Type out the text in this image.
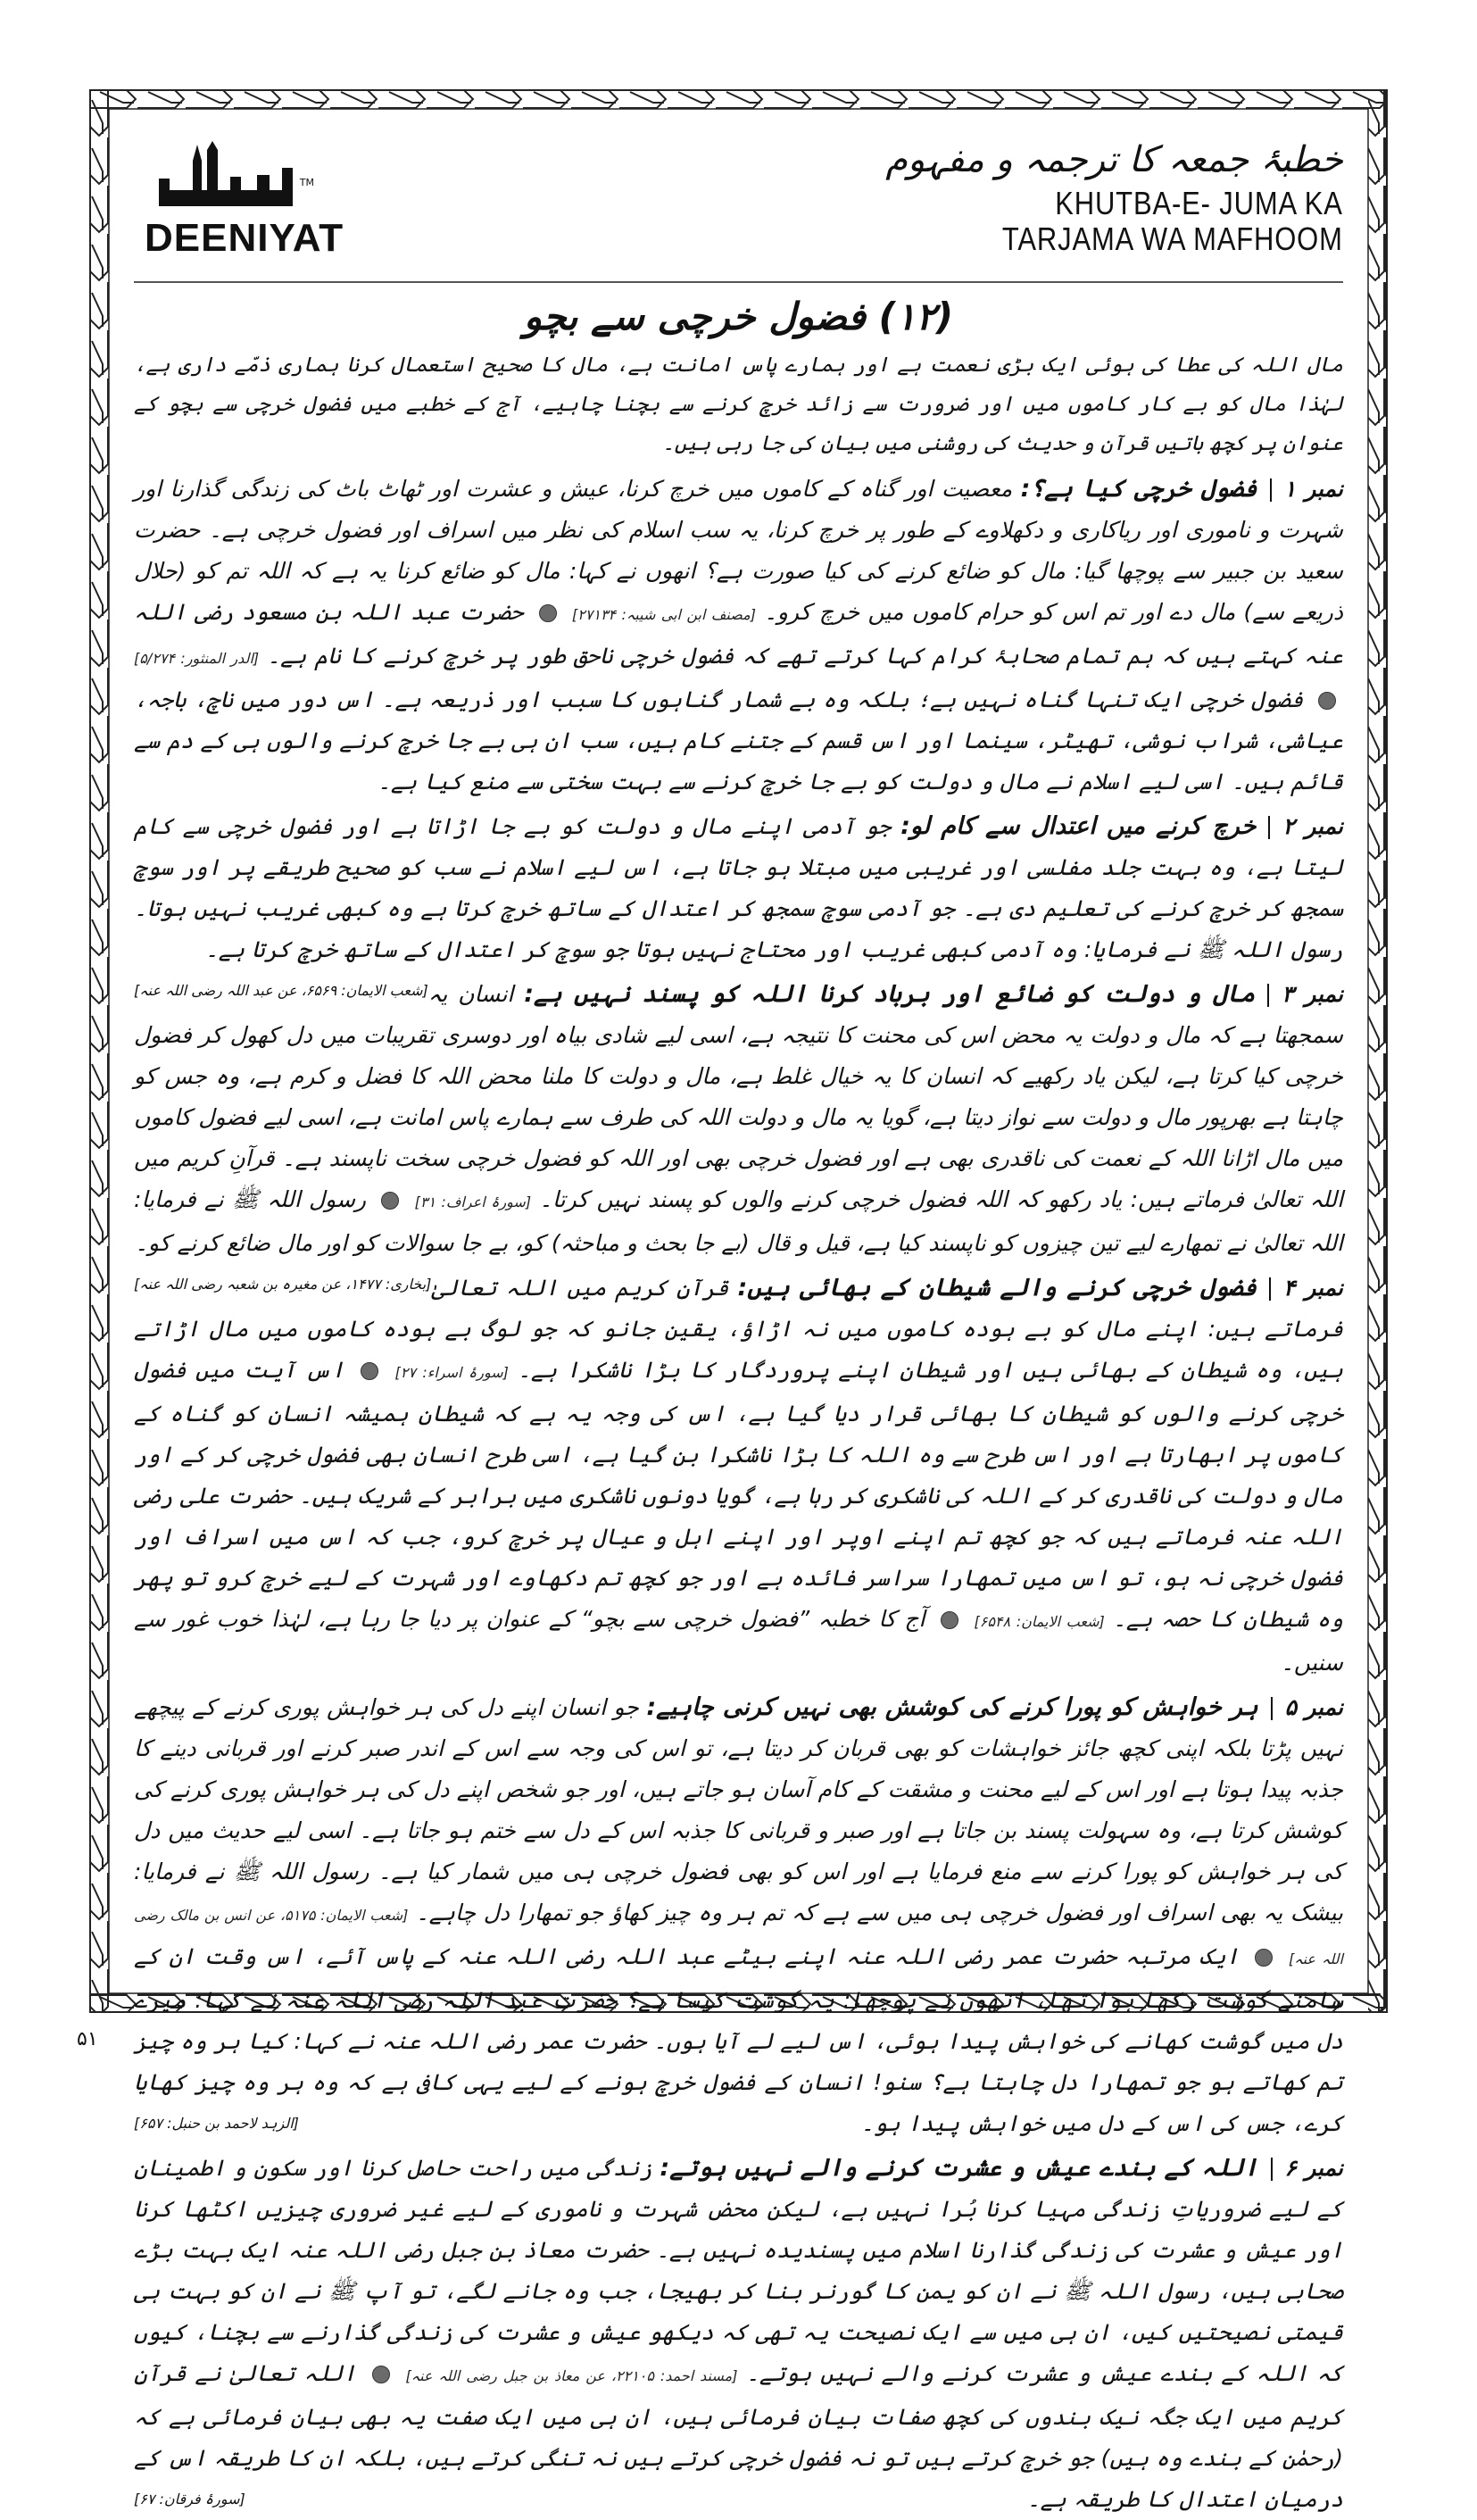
TM
DEENIYAT
خطبۂ جمعہ کا ترجمہ و مفہوم
KHUTBA-E- JUMA KA
TARJAMA WA MAFHOOM
(۱۲) فضول خرچی سے بچو
مال اللہ کی عطا کی ہوئی ایک بڑی نعمت ہے اور ہمارے پاس امانت ہے، مال کا صحیح استعمال کرنا ہماری ذمّے داری ہے، لہٰذا مال کو بے کار کاموں میں اور ضرورت سے زائد خرچ کرنے سے بچنا چاہیے، آج کے خطبے میں فضول خرچی سے بچو کے عنوان پر کچھ باتیں قرآن و حدیث کی روشنی میں بیان کی جا رہی ہیں۔
نمبر ۱فضول خرچی کیا ہے؟: معصیت اور گناہ کے کاموں میں خرچ کرنا، عیش و عشرت اور ٹھاٹ باٹ کی زندگی گذارنا اور شہرت و ناموری اور ریاکاری و دکھلاوے کے طور پر خرچ کرنا، یہ سب اسلام کی نظر میں اسراف اور فضول خرچی ہے۔ حضرت سعید بن جبیر سے پوچھا گیا: مال کو ضائع کرنے کی کیا صورت ہے؟ انھوں نے کہا: مال کو ضائع کرنا یہ ہے کہ اللہ تم کو (حلال ذریعے سے) مال دے اور تم اس کو حرام کاموں میں خرچ کرو۔ [مصنف ابن ابی شیبہ: ۲۷۱۳۴]  حضرت عبد اللہ بن مسعود رضی اللہ عنہ کہتے ہیں کہ ہم تمام صحابۂ کرام کہا کرتے تھے کہ فضول خرچی ناحق طور پر خرچ کرنے کا نام ہے۔ [الدر المنثور: ۵/۲۷۴]  فضول خرچی ایک تنہا گناہ نہیں ہے؛ بلکہ وہ بے شمار گناہوں کا سبب اور ذریعہ ہے۔ اس دور میں ناچ، باجہ، عیاشی، شراب نوشی، تھیٹر، سینما اور اس قسم کے جتنے کام ہیں، سب ان ہی بے جا خرچ کرنے والوں ہی کے دم سے قائم ہیں۔ اسی لیے اسلام نے مال و دولت کو بے جا خرچ کرنے سے بہت سختی سے منع کیا ہے۔
نمبر ۲خرچ کرنے میں اعتدال سے کام لو: جو آدمی اپنے مال و دولت کو بے جا اڑاتا ہے اور فضول خرچی سے کام لیتا ہے، وہ بہت جلد مفلسی اور غریبی میں مبتلا ہو جاتا ہے، اس لیے اسلام نے سب کو صحیح طریقے پر اور سوچ سمجھ کر خرچ کرنے کی تعلیم دی ہے۔ جو آدمی سوچ سمجھ کر اعتدال کے ساتھ خرچ کرتا ہے وہ کبھی غریب نہیں ہوتا۔ رسول اللہ ﷺ نے فرمایا: وہ آدمی کبھی غریب اور محتاج نہیں ہوتا جو سوچ کر اعتدال کے ساتھ خرچ کرتا ہے۔
[شعب الایمان: ۶۵۶۹، عن عبد اللہ رضی اللہ عنہ]	نمبر ۳مال و دولت کو ضائع اور برباد کرنا اللہ کو پسند نہیں ہے: انسان یہ سمجھتا ہے کہ مال و دولت یہ محض اس کی محنت کا نتیجہ ہے، اسی لیے شادی بیاہ اور دوسری تقریبات میں دل کھول کر فضول خرچی کیا کرتا ہے، لیکن یاد رکھیے کہ انسان کا یہ خیال غلط ہے، مال و دولت کا ملنا محض اللہ کا فضل و کرم ہے، وہ جس کو چاہتا ہے بھرپور مال و دولت سے نواز دیتا ہے، گویا یہ مال و دولت اللہ کی طرف سے ہمارے پاس امانت ہے، اسی لیے فضول کاموں میں مال اڑانا اللہ کے نعمت کی ناقدری بھی ہے اور فضول خرچی بھی اور اللہ کو فضول خرچی سخت ناپسند ہے۔ قرآنِ کریم میں اللہ تعالیٰ فرماتے ہیں: یاد رکھو کہ اللہ فضول خرچی کرنے والوں کو پسند نہیں کرتا۔ [سورۂ اعراف: ۳۱]  رسول اللہ ﷺ نے فرمایا: اللہ تعالیٰ نے تمھارے لیے تین چیزوں کو ناپسند کیا ہے، قیل و قال (بے جا بحث و مباحثہ) کو، بے جا سوالات کو اور مال ضائع کرنے کو۔
[بخاری: ۱۴۷۷، عن مغیرہ بن شعبہ رضی اللہ عنہ]	نمبر ۴فضول خرچی کرنے والے شیطان کے بھائی ہیں: قرآنِ کریم میں اللہ تعالیٰ فرماتے ہیں: اپنے مال کو بے ہودہ کاموں میں نہ اڑاؤ، یقین جانو کہ جو لوگ بے ہودہ کاموں میں مال اڑاتے ہیں، وہ شیطان کے بھائی ہیں اور شیطان اپنے پروردگار کا بڑا ناشکرا ہے۔ [سورۂ اسراء: ۲۷]  اس آیت میں فضول خرچی کرنے والوں کو شیطان کا بھائی قرار دیا گیا ہے، اس کی وجہ یہ ہے کہ شیطان ہمیشہ انسان کو گناہ کے کاموں پر ابھارتا ہے اور اس طرح سے وہ اللہ کا بڑا ناشکرا بن گیا ہے، اسی طرح انسان بھی فضول خرچی کر کے اور مال و دولت کی ناقدری کر کے اللہ کی ناشکری کر رہا ہے، گویا دونوں ناشکری میں برابر کے شریک ہیں۔ حضرت علی رضی اللہ عنہ فرماتے ہیں کہ جو کچھ تم اپنے اوپر اور اپنے اہل و عیال پر خرچ کرو، جب کہ اس میں اسراف اور فضول خرچی نہ ہو، تو اس میں تمھارا سراسر فائدہ ہے اور جو کچھ تم دکھاوے اور شہرت کے لیے خرچ کرو تو پھر وہ شیطان کا حصہ ہے۔ [شعب الایمان: ۶۵۴۸]  آج کا خطبہ ”فضول خرچی سے بچو“ کے عنوان پر دیا جا رہا ہے، لہٰذا خوب غور سے سنیں۔
نمبر ۵ہر خواہش کو پورا کرنے کی کوشش بھی نہیں کرنی چاہیے: جو انسان اپنے دل کی ہر خواہش پوری کرنے کے پیچھے نہیں پڑتا بلکہ اپنی کچھ جائز خواہشات کو بھی قربان کر دیتا ہے، تو اس کی وجہ سے اس کے اندر صبر کرنے اور قربانی دینے کا جذبہ پیدا ہوتا ہے اور اس کے لیے محنت و مشقت کے کام آسان ہو جاتے ہیں، اور جو شخص اپنے دل کی ہر خواہش پوری کرنے کی کوشش کرتا ہے، وہ سہولت پسند بن جاتا ہے اور صبر و قربانی کا جذبہ اس کے دل سے ختم ہو جاتا ہے۔ اسی لیے حدیث میں دل کی ہر خواہش کو پورا کرنے سے منع فرمایا ہے اور اس کو بھی فضول خرچی ہی میں شمار کیا ہے۔ رسول اللہ ﷺ نے فرمایا: بیشک یہ بھی اسراف اور فضول خرچی ہی میں سے ہے کہ تم ہر وہ چیز کھاؤ جو تمھارا دل چاہے۔ [شعب الایمان: ۵۱۷۵، عن انس بن مالک رضی اللہ عنہ]  ایک مرتبہ حضرت عمر رضی اللہ عنہ اپنے بیٹے عبد اللہ رضی اللہ عنہ کے پاس آئے، اس وقت ان کے سامنے گوشت رکھا ہوا تھا، انھوں نے پوچھا: یہ گوشت کیسا ہے؟ حضرت عبد اللہ رضی اللہ عنہ نے کہا: میرے دل میں گوشت کھانے کی خواہش پیدا ہوئی، اس لیے لے آیا ہوں۔ حضرت عمر رضی اللہ عنہ نے کہا: کیا ہر وہ چیز تم کھاتے ہو جو تمھارا دل چاہتا ہے؟ سنو! انسان کے فضول خرچ ہونے کے لیے یہی کافی ہے کہ وہ ہر وہ چیز کھایا کرے، جس کی اس کے دل میں خواہش پیدا ہو۔
[الزہد لاحمد بن حنبل: ۶۵۷]
نمبر ۶اللہ کے بندے عیش و عشرت کرنے والے نہیں ہوتے: زندگی میں راحت حاصل کرنا اور سکون و اطمینان کے لیے ضروریاتِ زندگی مہیا کرنا بُرا نہیں ہے، لیکن محض شہرت و ناموری کے لیے غیر ضروری چیزیں اکٹھا کرنا اور عیش و عشرت کی زندگی گذارنا اسلام میں پسندیدہ نہیں ہے۔ حضرت معاذ بن جبل رضی اللہ عنہ ایک بہت بڑے صحابی ہیں، رسول اللہ ﷺ نے ان کو یمن کا گورنر بنا کر بھیجا، جب وہ جانے لگے، تو آپ ﷺ نے ان کو بہت ہی قیمتی نصیحتیں کیں، ان ہی میں سے ایک نصیحت یہ تھی کہ دیکھو عیش و عشرت کی زندگی گذارنے سے بچنا، کیوں کہ اللہ کے بندے عیش و عشرت کرنے والے نہیں ہوتے۔ [مسند احمد: ۲۲۱۰۵، عن معاذ بن جبل رضی اللہ عنہ]  اللہ تعالیٰ نے قرآنِ کریم میں ایک جگہ نیک بندوں کی کچھ صفات بیان فرمائی ہیں، ان ہی میں ایک صفت یہ بھی بیان فرمائی ہے کہ (رحمٰن کے بندے وہ ہیں) جو خرچ کرتے ہیں تو نہ فضول خرچی کرتے ہیں نہ تنگی کرتے ہیں، بلکہ ان کا طریقہ اس کے درمیان اعتدال کا طریقہ ہے۔
[سورۂ فرقان: ۶۷]
۵۱
